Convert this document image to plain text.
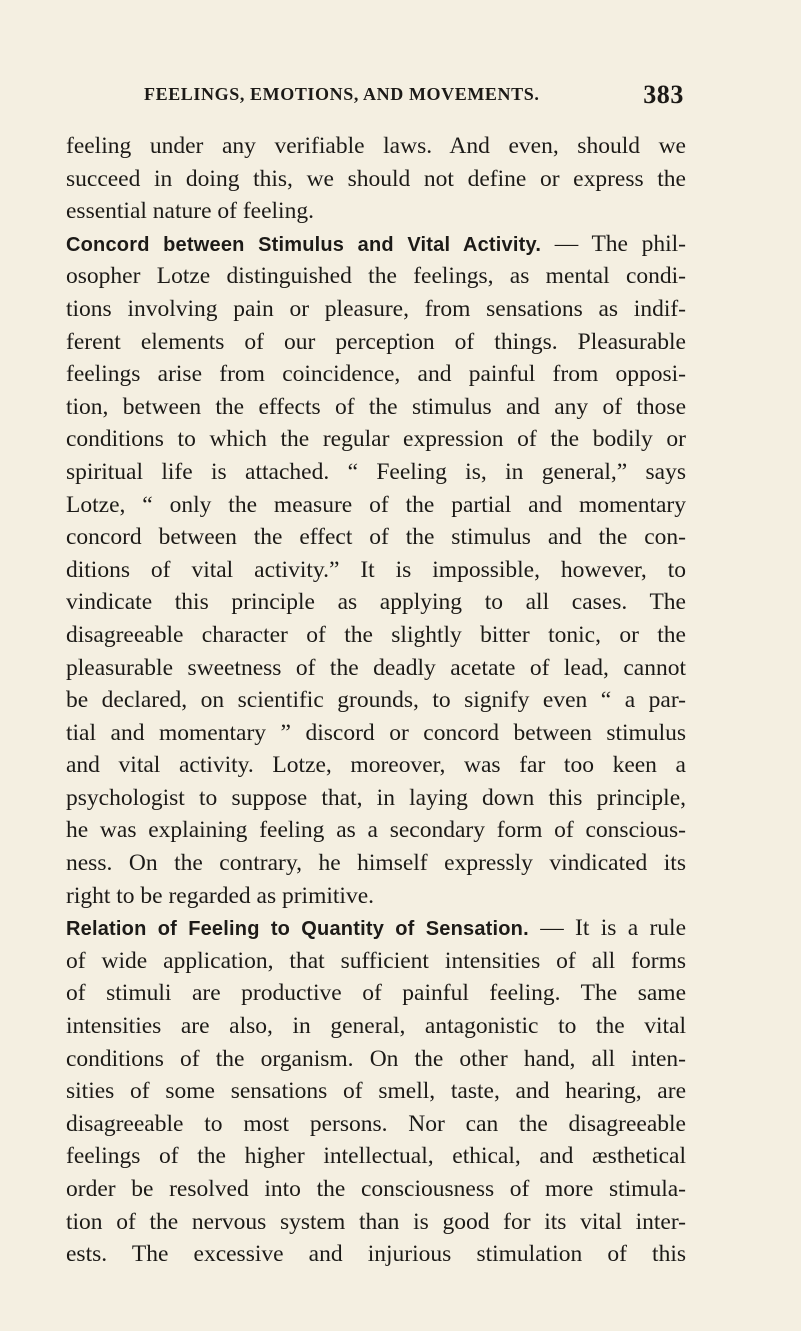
FEELINGS, EMOTIONS, AND MOVEMENTS.	383
feeling under any verifiable laws. And even, should we
succeed in doing this, we should not define or express the
essential nature of feeling.
Concord between Stimulus and Vital Activity. — The phil-
osopher Lotze distinguished the feelings, as mental condi-
tions involving pain or pleasure, from sensations as indif-
ferent elements of our perception of things. Pleasurable
feelings arise from coincidence, and painful from opposi-
tion, between the effects of the stimulus and any of those
conditions to which the regular expression of the bodily or
spiritual life is attached. “ Feeling is, in general,” says
Lotze, “ only the measure of the partial and momentary
concord between the effect of the stimulus and the con-
ditions of vital activity.” It is impossible, however, to
vindicate this principle as applying to all cases. The
disagreeable character of the slightly bitter tonic, or the
pleasurable sweetness of the deadly acetate of lead, cannot
be declared, on scientific grounds, to signify even “ a par-
tial and momentary ” discord or concord between stimulus
and vital activity. Lotze, moreover, was far too keen a
psychologist to suppose that, in laying down this principle,
he was explaining feeling as a secondary form of conscious-
ness. On the contrary, he himself expressly vindicated its
right to be regarded as primitive.
Relation of Feeling to Quantity of Sensation. — It is a rule
of wide application, that sufficient intensities of all forms
of stimuli are productive of painful feeling. The same
intensities are also, in general, antagonistic to the vital
conditions of the organism. On the other hand, all inten-
sities of some sensations of smell, taste, and hearing, are
disagreeable to most persons. Nor can the disagreeable
feelings of the higher intellectual, ethical, and æsthetical
order be resolved into the consciousness of more stimula-
tion of the nervous system than is good for its vital inter-
ests. The excessive and injurious stimulation of this
